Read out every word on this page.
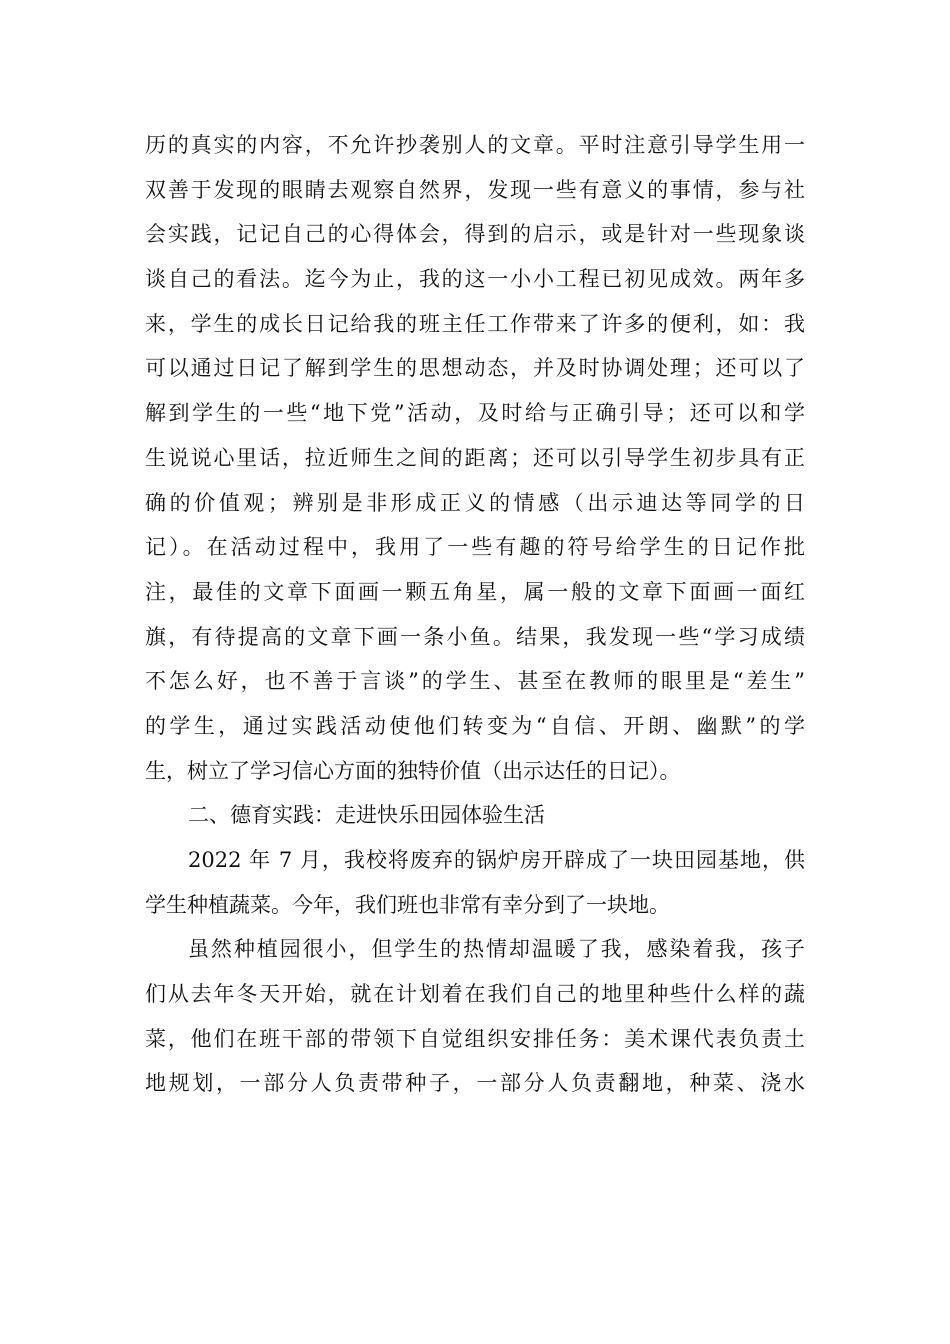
历的真实的内容，不允许抄袭别人的文章。平时注意引导学生用一
双善于发现的眼睛去观察自然界，发现一些有意义的事情，参与社
会实践，记记自己的心得体会，得到的启示，或是针对一些现象谈
谈自己的看法。迄今为止，我的这一小小工程已初见成效。两年多
来，学生的成长日记给我的班主任工作带来了许多的便利，如：我
可以通过日记了解到学生的思想动态，并及时协调处理；还可以了
解到学生的一些“地下党”活动，及时给与正确引导；还可以和学
生说说心里话，拉近师生之间的距离；还可以引导学生初步具有正
确的价值观；辨别是非形成正义的情感（出示迪达等同学的日
记）。在活动过程中，我用了一些有趣的符号给学生的日记作批
注，最佳的文章下面画一颗五角星，属一般的文章下面画一面红
旗，有待提高的文章下画一条小鱼。结果，我发现一些“学习成绩
不怎么好，也不善于言谈”的学生、甚至在教师的眼里是“差生”
的学生，通过实践活动使他们转变为“自信、开朗、幽默”的学
生，树立了学习信心方面的独特价值（出示达任的日记）。
二、德育实践：走进快乐田园体验生活
2022 年 7 月，我校将废弃的锅炉房开辟成了一块田园基地，供
学生种植蔬菜。今年，我们班也非常有幸分到了一块地。
虽然种植园很小，但学生的热情却温暖了我，感染着我，孩子
们从去年冬天开始，就在计划着在我们自己的地里种些什么样的蔬
菜，他们在班干部的带领下自觉组织安排任务：美术课代表负责土
地规划，一部分人负责带种子，一部分人负责翻地，种菜、浇水
